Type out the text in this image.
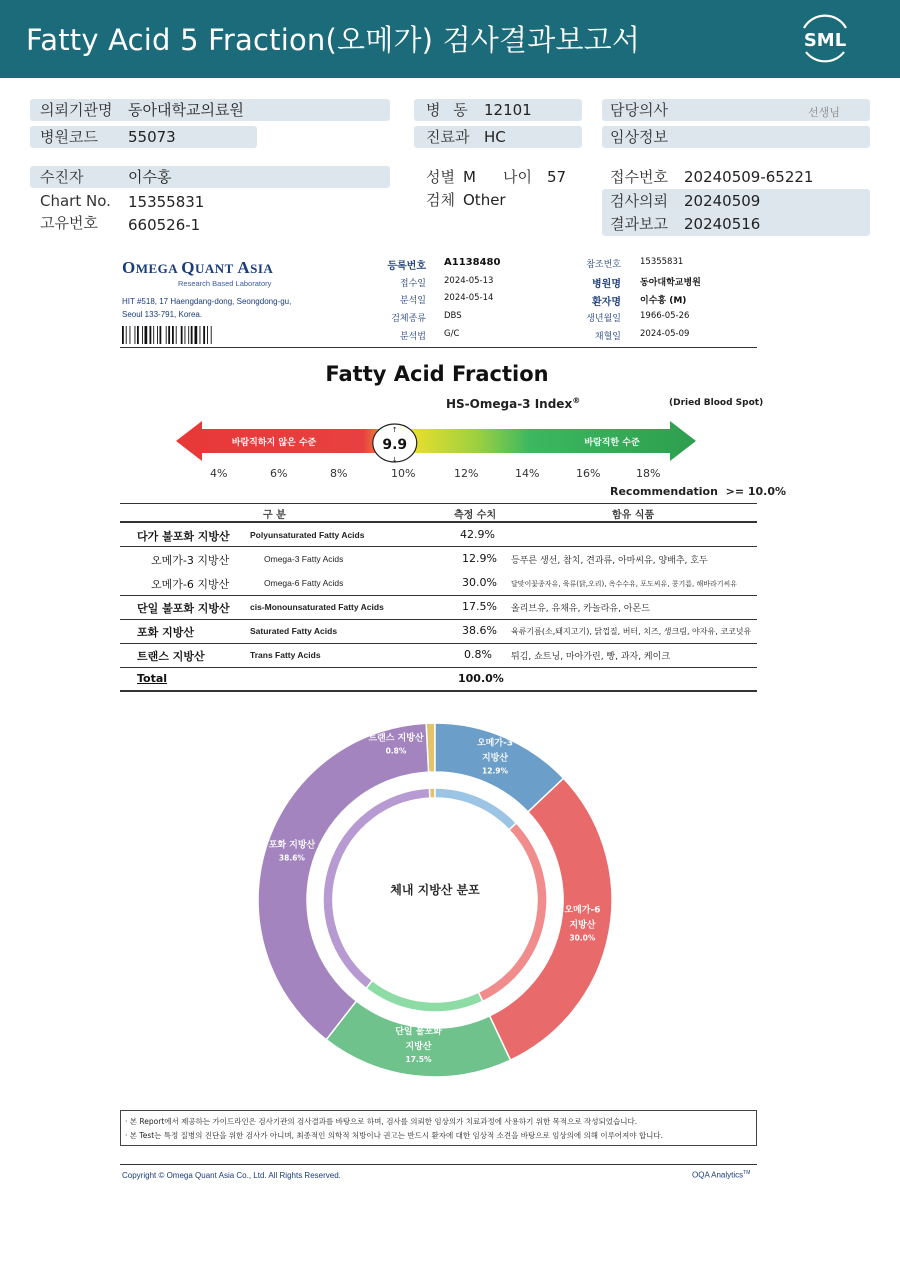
Fatty Acid 5 Fraction(오메가) 검사결과보고서	SML
의뢰기관명 동아대학교의료원
병원코드 55073
병 동 12101
진료과 HC
담당의사	선생님
임상정보
수진자	이수홍
Chart No. 15355831
고유번호 660526-1
성별 M 나이 57
검체 Other
접수번호 20240509-65221
검사의뢰 20240509
결과보고 20240516
OMEGA QUANT ASIA
Research Based Laboratory
HIT #518, 17 Haengdang-dong, Seongdong-gu,
Seoul 133-791, Korea.
등록번호 A1138480
접수일 2024-05-13
분석일 2024-05-14
검체종류 DBS
분석법 G/C
참조번호 15355831
병원명 동아대학교병원
환자명 이수홍 (M)
생년월일 1966-05-26
채혈일 2024-05-09
Fatty Acid Fraction
HS-Omega-3 Index®	(Dried Blood Spot)
바람직하지 않은 수준	바람직한 수준
9.9
↑
↓
4%	6%	8%	10%	12%	14%	16%	18%
Recommendation >= 10.0%
구 분	측정 수치	함유 식품
다가 불포화 지방산 Polyunsaturated Fatty Acids	42.9%
오메가-3 지방산	Omega-3 Fatty Acids	12.9% 등푸른 생선, 참치, 견과류, 아마씨유, 양배추, 호두
오메가-6 지방산	Omega-6 Fatty Acids	30.0% 달맞이꽃종자유, 육류(닭,오리), 옥수수유, 포도씨유, 콩기름, 해바라기씨유
단일 불포화 지방산 cis-Monounsaturated Fatty Acids	17.5% 올리브유, 유채유, 카놀라유, 아몬드
포화 지방산	Saturated Fatty Acids	38.6% 육류기름(소,돼지고기), 닭껍질, 버터, 치즈, 생크림, 야자유, 코코넛유
트랜스 지방산	Trans Fatty Acids	0.8% 튀김, 쇼트닝, 마아가린, 빵, 과자, 케이크
Total	100.0%
체내 지방산 분포
오메가-3
지방산
12.9%
오메가-6
지방산
30.0%
단일 불포화
지방산
17.5%
포화 지방산
38.6%
트랜스 지방산
0.8%
· 본 Report에서 제공하는 가이드라인은 검사기관의 검사결과를 바탕으로 하며, 검사를 의뢰한 임상의가 치료과정에 사용하기 위한 목적으로 작성되었습니다.
· 본 Test는 특정 질병의 진단을 위한 검사가 아니며, 최종적인 의학적 처방이나 권고는 반드시 환자에 대한 임상적 소견을 바탕으로 임상의에 의해 이루어져야 합니다.
Copyright © Omega Quant Asia Co., Ltd. All Rights Reserved.	OQA Analytics™
